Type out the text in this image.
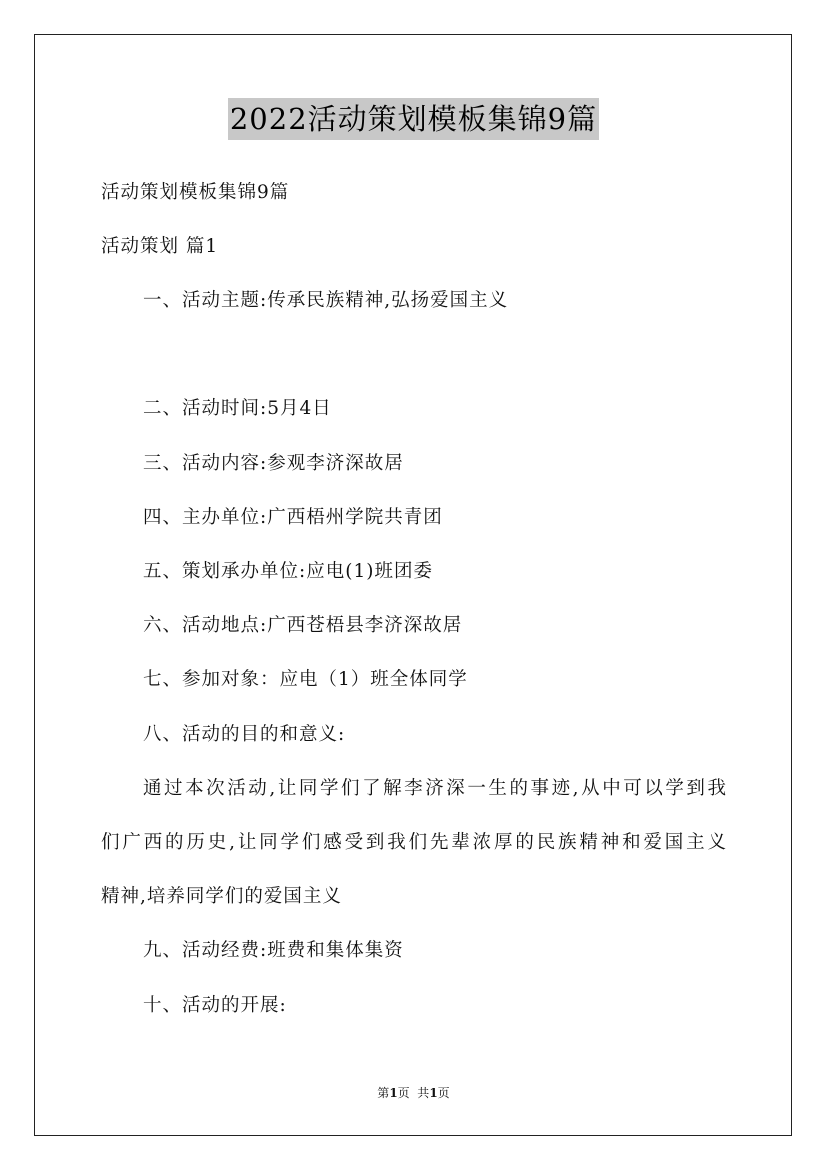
2022活动策划模板集锦9篇
活动策划模板集锦9篇
活动策划 篇1
一、活动主题:传承民族精神,弘扬爱国主义
二、活动时间:5月4日
三、活动内容:参观李济深故居
四、主办单位:广西梧州学院共青团
五、策划承办单位:应电(1)班团委
六、活动地点:广西苍梧县李济深故居
七、参加对象：应电（1）班全体同学
八、活动的目的和意义:
通过本次活动,让同学们了解李济深一生的事迹,从中可以学到我
们广西的历史,让同学们感受到我们先辈浓厚的民族精神和爱国主义
精神,培养同学们的爱国主义
九、活动经费:班费和集体集资
十、活动的开展:
第1页  共1页
